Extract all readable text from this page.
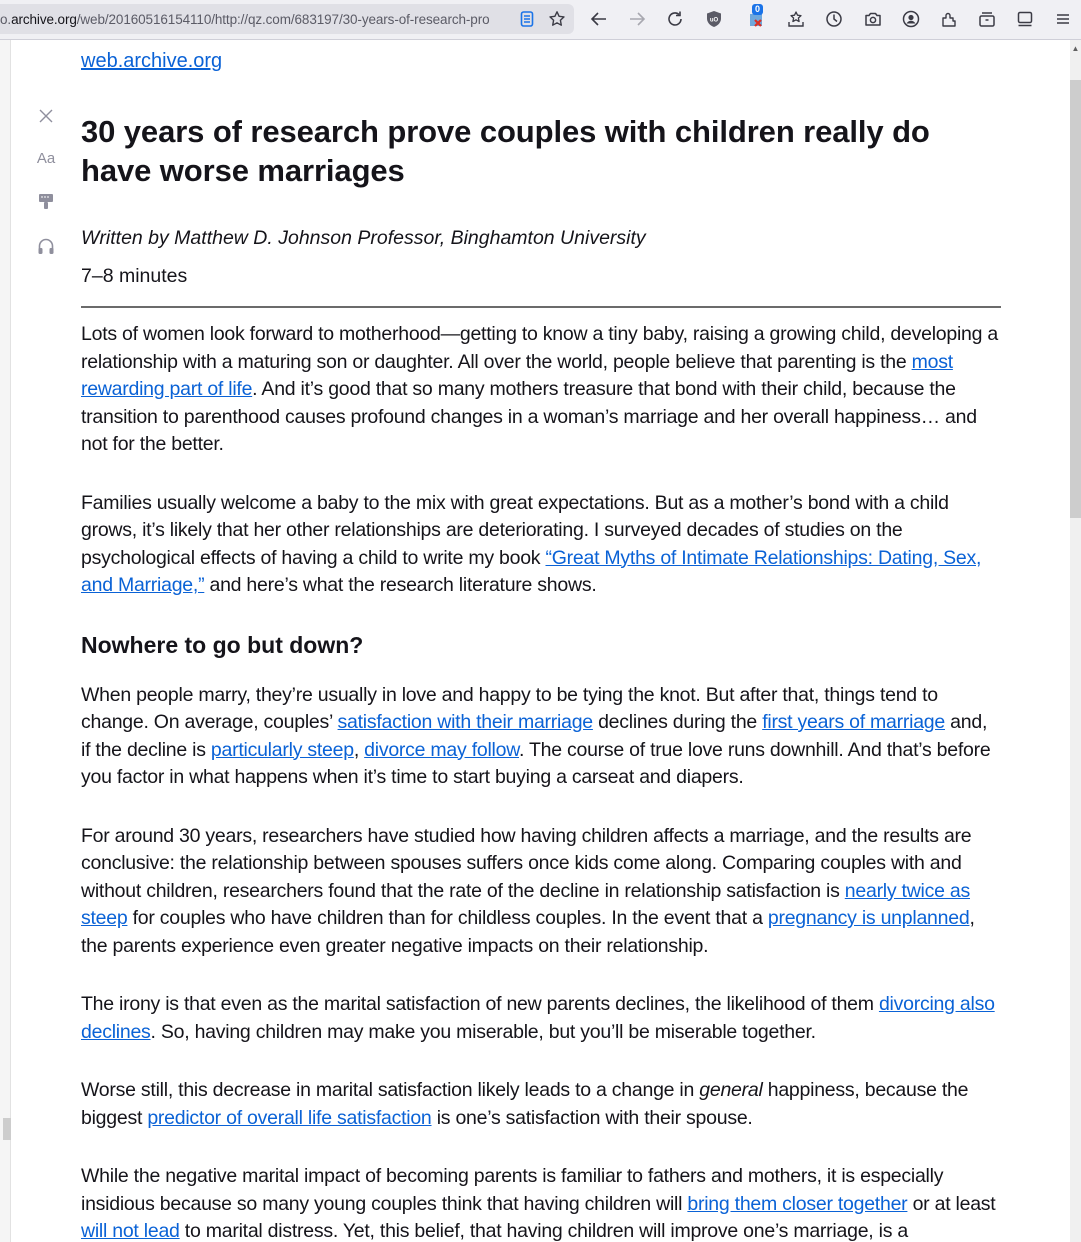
o.archive.org/web/20160516154110/http://qz.com/683197/30-years-of-research-pro	uO
0
Aa
▲
web.archive.org
30 years of research prove couples with children really do have worse marriages
Written by Matthew D. Johnson Professor, Binghamton University
7–8 minutes

Lots of women look forward to motherhood—getting to know a tiny baby, raising a growing child, developing a relationship with a maturing son or daughter. All over the world, people believe that parenting is the most rewarding part of life. And it’s good that so many mothers treasure that bond with their child, because the transition to parenthood causes profound changes in a woman’s marriage and her overall happiness… and not for the better.

Families usually welcome a baby to the mix with great expectations. But as a mother’s bond with a child grows, it’s likely that her other relationships are deteriorating. I surveyed decades of studies on the psychological effects of having a child to write my book “Great Myths of Intimate Relationships: Dating, Sex, and Marriage,” and here’s what the research literature shows.

Nowhere to go but down?

When people marry, they’re usually in love and happy to be tying the knot. But after that, things tend to change. On average, couples’ satisfaction with their marriage declines during the first years of marriage and, if the decline is particularly steep, divorce may follow. The course of true love runs downhill. And that’s before you factor in what happens when it’s time to start buying a carseat and diapers.

For around 30 years, researchers have studied how having children affects a marriage, and the results are conclusive: the relationship between spouses suffers once kids come along. Comparing couples with and without children, researchers found that the rate of the decline in relationship satisfaction is nearly twice as steep for couples who have children than for childless couples. In the event that a pregnancy is unplanned, the parents experience even greater negative impacts on their relationship.

The irony is that even as the marital satisfaction of new parents declines, the likelihood of them divorcing also declines. So, having children may make you miserable, but you’ll be miserable together.

Worse still, this decrease in marital satisfaction likely leads to a change in general happiness, because the biggest predictor of overall life satisfaction is one’s satisfaction with their spouse.

While the negative marital impact of becoming parents is familiar to fathers and mothers, it is especially insidious because so many young couples think that having children will bring them closer together or at least will not lead to marital distress. Yet, this belief, that having children will improve one’s marriage, is a
